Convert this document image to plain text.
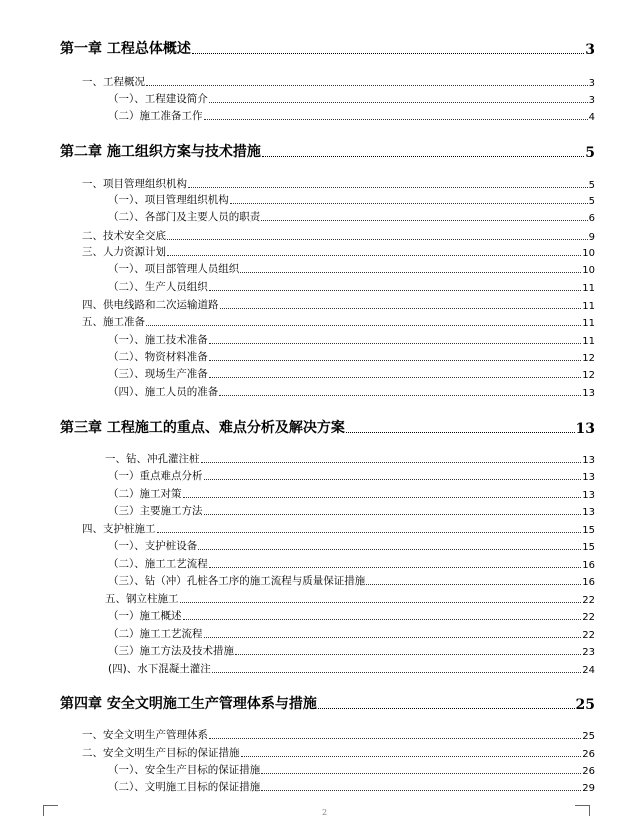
第一章 工程总体概述	3
一、工程概况	3
（一）、工程建设简介	3
（二）施工准备工作	4
第二章 施工组织方案与技术措施	5
一、项目管理组织机构	5
（一）、项目管理组织机构	5
（二）、各部门及主要人员的职责	6
二、技术安全交底	9
三、人力资源计划	10
（一）、项目部管理人员组织	10
（二）、生产人员组织	11
四、供电线路和二次运输道路	11
五、施工准备	11
（一）、施工技术准备	11
（二）、物资材料准备	12
（三）、现场生产准备	12
（四）、施工人员的准备	13
第三章 工程施工的重点、难点分析及解决方案	13
一、钻、冲孔灌注桩	13
（一）重点难点分析	13
（二）施工对策	13
（三）主要施工方法	13
四、支护桩施工	15
（一）、支护桩设备	15
（二）、施工工艺流程	16
（三）、钻（冲）孔桩各工序的施工流程与质量保证措施	16
五、钢立柱施工	22
（一）施工概述	22
（二）施工工艺流程	22
（三）施工方法及技术措施	23
(四)、水下混凝土灌注	24
第四章 安全文明施工生产管理体系与措施	25
一、安全文明生产管理体系	25
二、安全文明生产目标的保证措施	26
（一）、安全生产目标的保证措施	26
（二）、文明施工目标的保证措施	29
2
